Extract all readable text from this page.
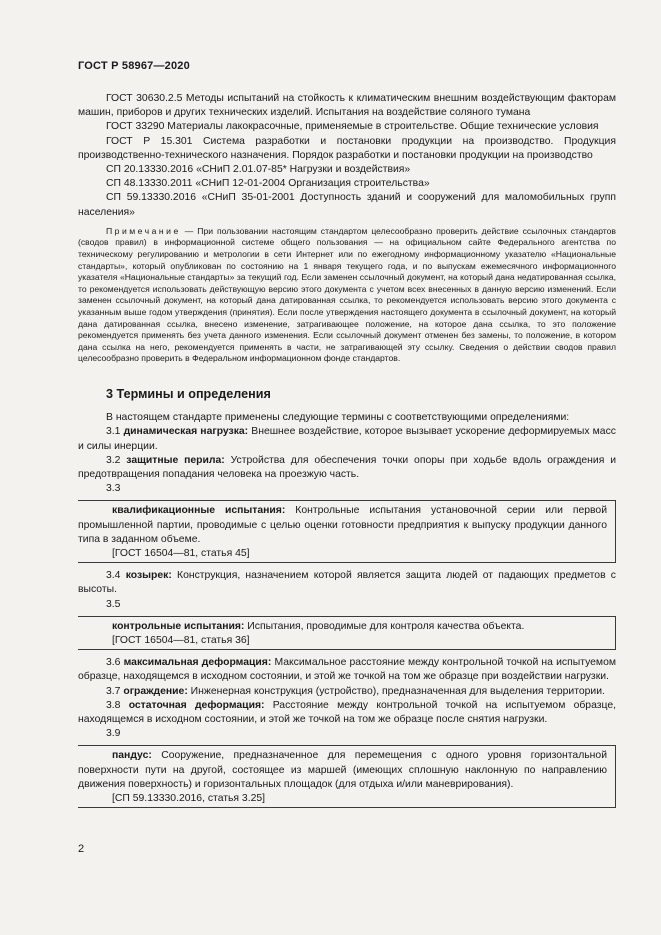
ГОСТ Р 58967—2020

ГОСТ 30630.2.5 Методы испытаний на стойкость к климатическим внешним воздействующим факторам машин, приборов и других технических изделий. Испытания на воздействие соляного тумана

ГОСТ 33290 Материалы лакокрасочные, применяемые в строительстве. Общие технические условия

ГОСТ Р 15.301 Система разработки и постановки продукции на производство. Продукция производственно-технического назначения. Порядок разработки и постановки продукции на производство

СП 20.13330.2016 «СНиП 2.01.07-85* Нагрузки и воздействия»

СП 48.13330.2011 «СНиП 12-01-2004 Организация строительства»

СП 59.13330.2016 «СНиП 35-01-2001 Доступность зданий и сооружений для маломобильных групп населения»

Примечание — При пользовании настоящим стандартом целесообразно проверить действие ссылочных стандартов (сводов правил) в информационной системе общего пользования — на официальном сайте Федерального агентства по техническому регулированию и метрологии в сети Интернет или по ежегодному информационному указателю «Национальные стандарты», который опубликован по состоянию на 1 января текущего года, и по выпускам ежемесячного информационного указателя «Национальные стандарты» за текущий год. Если заменен ссылочный документ, на который дана недатированная ссылка, то рекомендуется использовать действующую версию этого документа с учетом всех внесенных в данную версию изменений. Если заменен ссылочный документ, на который дана датированная ссылка, то рекомендуется использовать версию этого документа с указанным выше годом утверждения (принятия). Если после утверждения настоящего документа в ссылочный документ, на который дана датированная ссылка, внесено изменение, затрагивающее положение, на которое дана ссылка, то это положение рекомендуется применять без учета данного изменения. Если ссылочный документ отменен без замены, то положение, в котором дана ссылка на него, рекомендуется применять в части, не затрагивающей эту ссылку. Сведения о действии сводов правил целесообразно проверить в Федеральном информационном фонде стандартов.

3 Термины и определения

В настоящем стандарте применены следующие термины с соответствующими определениями:

3.1 динамическая нагрузка: Внешнее воздействие, которое вызывает ускорение деформируемых масс и силы инерции.

3.2 защитные перила: Устройства для обеспечения точки опоры при ходьбе вдоль ограждения и предотвращения попадания человека на проезжую часть.

3.3

квалификационные испытания: Контрольные испытания установочной серии или первой промышленной партии, проводимые с целью оценки готовности предприятия к выпуску продукции данного типа в заданном объеме.

[ГОСТ 16504—81, статья 45]

3.4 козырек: Конструкция, назначением которой является защита людей от падающих предметов с высоты.

3.5

контрольные испытания: Испытания, проводимые для контроля качества объекта.

[ГОСТ 16504—81, статья 36]

3.6 максимальная деформация: Максимальное расстояние между контрольной точкой на испытуемом образце, находящемся в исходном состоянии, и этой же точкой на том же образце при воздействии нагрузки.

3.7 ограждение: Инженерная конструкция (устройство), предназначенная для выделения территории.

3.8 остаточная деформация: Расстояние между контрольной точкой на испытуемом образце, находящемся в исходном состоянии, и этой же точкой на том же образце после снятия нагрузки.

3.9

пандус: Сооружение, предназначенное для перемещения с одного уровня горизонтальной поверхности пути на другой, состоящее из маршей (имеющих сплошную наклонную по направлению движения поверхность) и горизонтальных площадок (для отдыха и/или маневрирования).

[СП 59.13330.2016, статья 3.25]

2
